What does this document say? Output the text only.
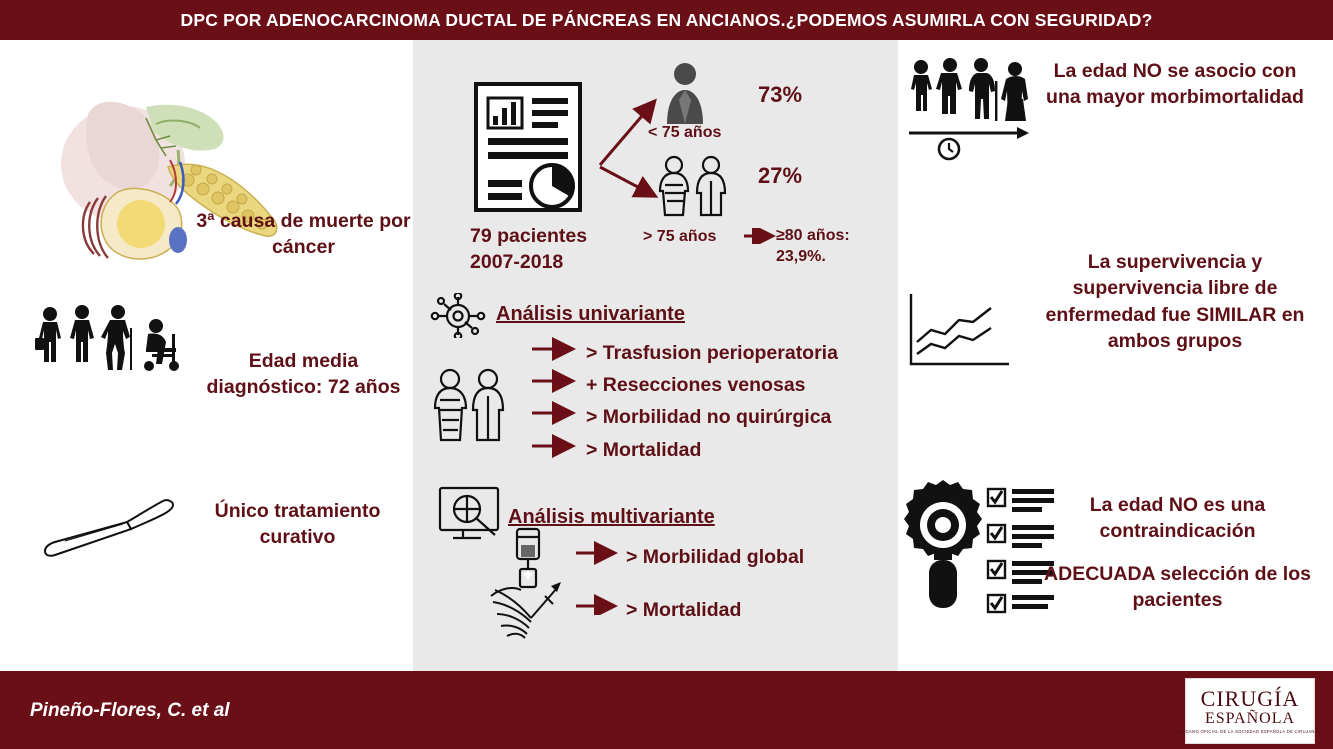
DPC POR ADENOCARCINOMA DUCTAL DE PÁNCREAS EN ANCIANOS.¿PODEMOS ASUMIRLA CON SEGURIDAD?
3ª causa de muerte por cáncer
Edad media diagnóstico: 72 años
Único tratamiento curativo
79 pacientes
2007-2018
< 75 años
73%
> 75 años
27%
≥80 años:
23,9%.
Análisis univariante
> Trasfusion perioperatoria
+ Resecciones venosas
> Morbilidad no quirúrgica
> Mortalidad
Análisis multivariante
> Morbilidad global
> Mortalidad
La edad NO se asocio con una mayor morbimortalidad
La supervivencia y supervivencia libre de enfermedad fue SIMILAR en ambos grupos
La edad NO es una contraindicación
ADECUADA selección de los pacientes
Pineño-Flores, C. et al	CIRUGÍA
ESPAÑOLA
ÓRGANO OFICIAL DE LA SOCIEDAD ESPAÑOLA DE CIRUJANOS
